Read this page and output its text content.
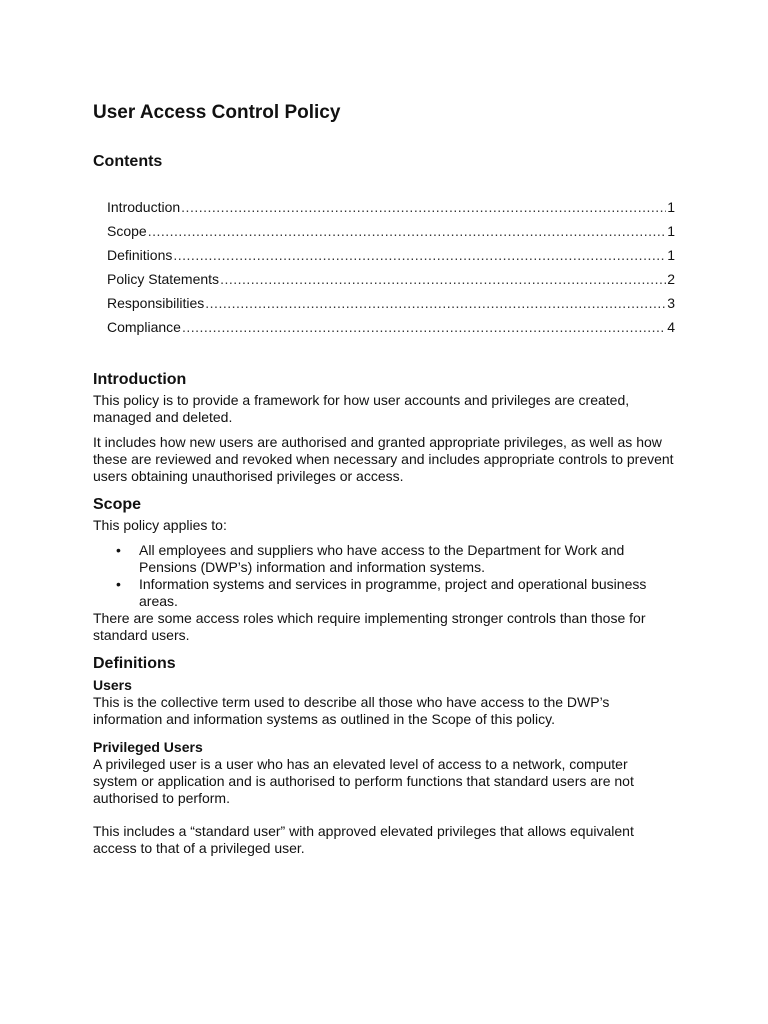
User Access Control Policy
Contents
Introduction .....	1
Scope .....	1
Definitions .....	1
Policy Statements .....	2
Responsibilities .....	3
Compliance .....	4
Introduction

This policy is to provide a framework for how user accounts and privileges are created, managed and deleted.

It includes how new users are authorised and granted appropriate privileges, as well as how these are reviewed and revoked when necessary and includes appropriate controls to prevent users obtaining unauthorised privileges or access.

Scope

This policy applies to:

• All employees and suppliers who have access to the Department for Work and Pensions (DWP’s) information and information systems.
• Information systems and services in programme, project and operational business areas.

There are some access roles which require implementing stronger controls than those for standard users.

Definitions
Users

This is the collective term used to describe all those who have access to the DWP’s information and information systems as outlined in the Scope of this policy.

Privileged Users

A privileged user is a user who has an elevated level of access to a network, computer system or application and is authorised to perform functions that standard users are not authorised to perform.

This includes a “standard user” with approved elevated privileges that allows equivalent access to that of a privileged user.
